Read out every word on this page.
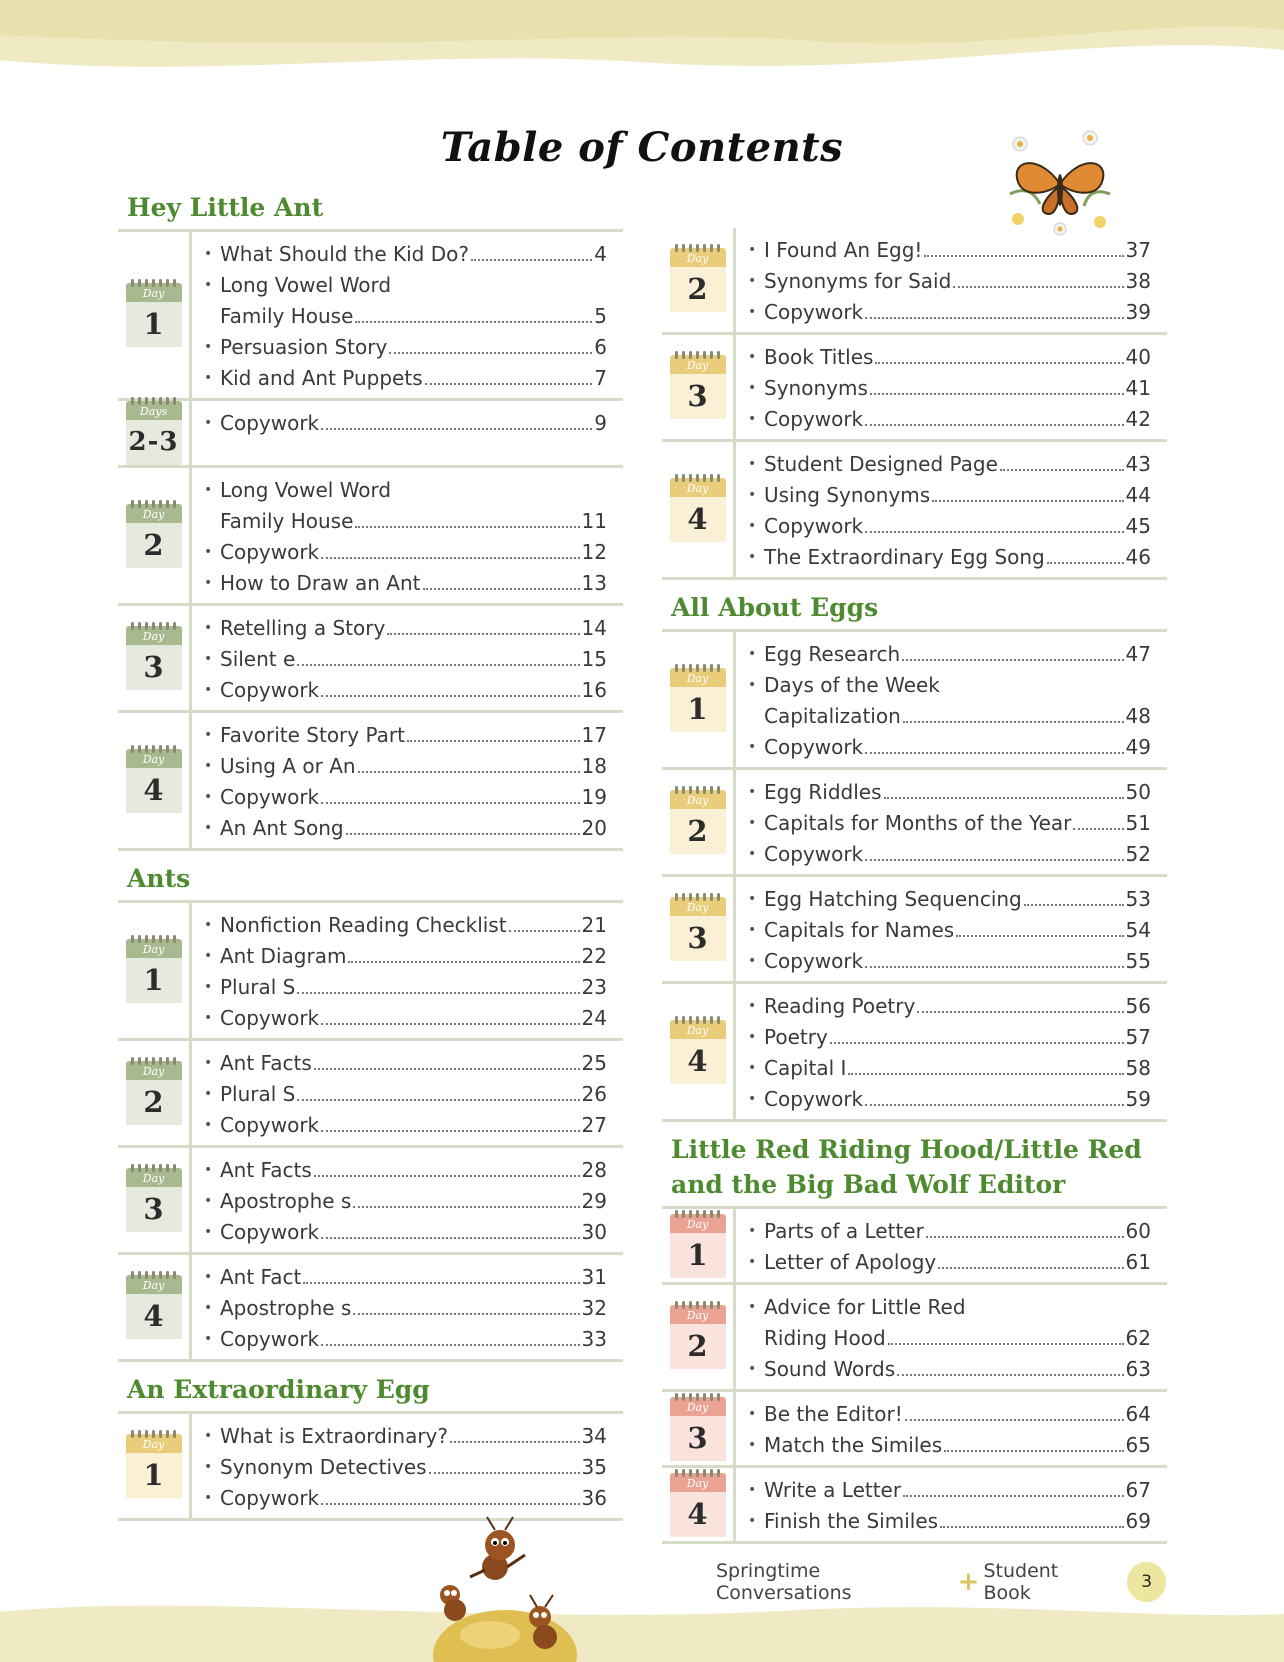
Table of Contents
Hey Little Ant
Day
1
• What Should the Kid Do?	4
• Long Vowel Word
Family House	5
• Persuasion Story	6
• Kid and Ant Puppets	7
Days
2-3
• Copywork	9
Day
2
• Long Vowel Word
Family House	11
• Copywork	12
• How to Draw an Ant	13
Day
3
• Retelling a Story	14
• Silent e	15
• Copywork	16
Day
4
• Favorite Story Part	17
• Using A or An	18
• Copywork	19
• An Ant Song	20
Ants
Day
1
• Nonfiction Reading Checklist	21
• Ant Diagram	22
• Plural S	23
• Copywork	24
Day
2
• Ant Facts	25
• Plural S	26
• Copywork	27
Day
3
• Ant Facts	28
• Apostrophe s	29
• Copywork	30
Day
4
• Ant Fact	31
• Apostrophe s	32
• Copywork	33
An Extraordinary Egg
Day
1
• What is Extraordinary?	34
• Synonym Detectives	35
• Copywork	36
Day
2
• I Found An Egg!	37
• Synonyms for Said	38
• Copywork	39
Day
3
• Book Titles	40
• Synonyms	41
• Copywork	42
Day
4
• Student Designed Page	43
• Using Synonyms	44
• Copywork	45
• The Extraordinary Egg Song	46
All About Eggs
Day
1
• Egg Research	47
• Days of the Week
Capitalization	48
• Copywork	49
Day
2
• Egg Riddles	50
• Capitals for Months of the Year	51
• Copywork	52
Day
3
• Egg Hatching Sequencing	53
• Capitals for Names	54
• Copywork	55
Day
4
• Reading Poetry	56
• Poetry	57
• Capital I	58
• Copywork	59
Little Red Riding Hood/Little Red and the Big Bad Wolf Editor
Day
1
• Parts of a Letter	60
• Letter of Apology	61
Day
2
• Advice for Little Red
Riding Hood	62
• Sound Words	63
Day
3
• Be the Editor!	64
• Match the Similes	65
Day
4
• Write a Letter	67
• Finish the Similes	69
Springtime Conversations	+ Student Book	3
